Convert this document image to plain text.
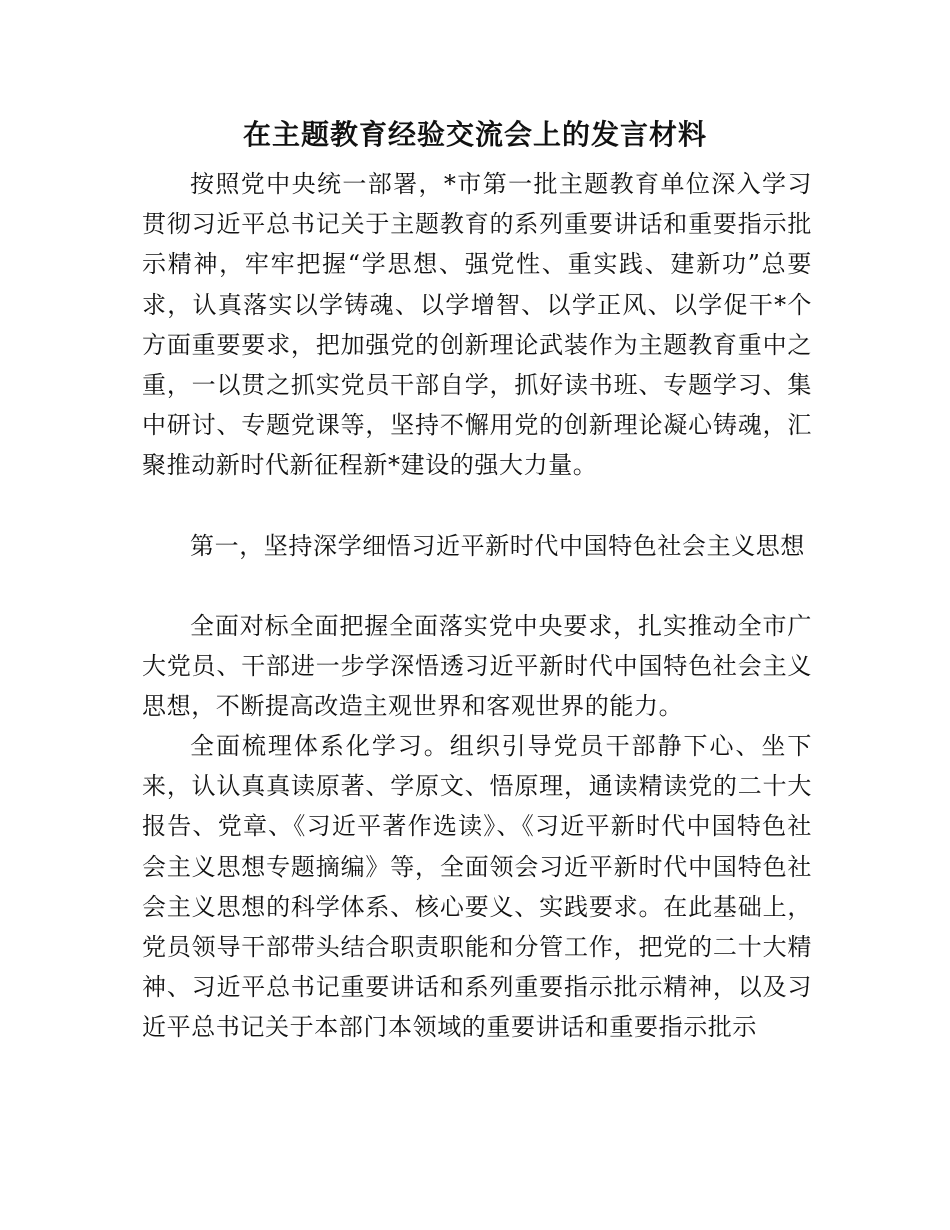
在主题教育经验交流会上的发言材料

按照党中央统一部署，*市第一批主题教育单位深入学习贯彻习近平总书记关于主题教育的系列重要讲话和重要指示批示精神，牢牢把握“学思想、强党性、重实践、建新功”总要求，认真落实以学铸魂、以学增智、以学正风、以学促干*个方面重要要求，把加强党的创新理论武装作为主题教育重中之重，一以贯之抓实党员干部自学，抓好读书班、专题学习、集中研讨、专题党课等，坚持不懈用党的创新理论凝心铸魂，汇聚推动新时代新征程新*建设的强大力量。

第一，坚持深学细悟习近平新时代中国特色社会主义思想

全面对标全面把握全面落实党中央要求，扎实推动全市广大党员、干部进一步学深悟透习近平新时代中国特色社会主义思想，不断提高改造主观世界和客观世界的能力。

全面梳理体系化学习。组织引导党员干部静下心、坐下来，认认真真读原著、学原文、悟原理，通读精读党的二十大报告、党章、《习近平著作选读》、《习近平新时代中国特色社会主义思想专题摘编》等，全面领会习近平新时代中国特色社会主义思想的科学体系、核心要义、实践要求。在此基础上，党员领导干部带头结合职责职能和分管工作，把党的二十大精神、习近平总书记重要讲话和系列重要指示批示精神，以及习近平总书记关于本部门本领域的重要讲话和重要指示批示
